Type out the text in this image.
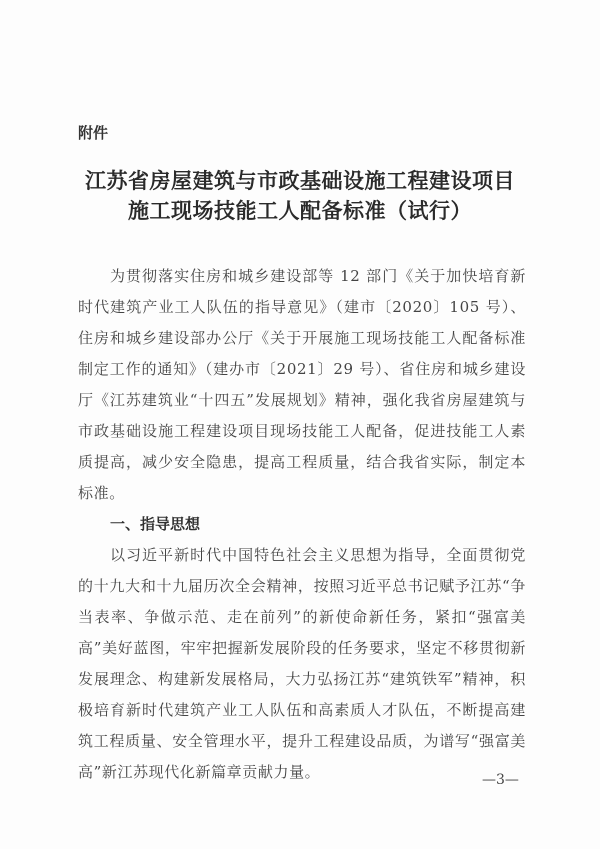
附件
江苏省房屋建筑与市政基础设施工程建设项目
施工现场技能工人配备标准（试行）

为贯彻落实住房和城乡建设部等 12 部门《关于加快培育新时代建筑产业工人队伍的指导意见》（建市〔2020〕105 号）、住房和城乡建设部办公厅《关于开展施工现场技能工人配备标准制定工作的通知》（建办市〔2021〕29 号）、省住房和城乡建设厅《江苏建筑业“十四五”发展规划》精神，强化我省房屋建筑与市政基础设施工程建设项目现场技能工人配备，促进技能工人素质提高，减少安全隐患，提高工程质量，结合我省实际，制定本标准。

一、指导思想

以习近平新时代中国特色社会主义思想为指导，全面贯彻党的十九大和十九届历次全会精神，按照习近平总书记赋予江苏“争当表率、争做示范、走在前列”的新使命新任务，紧扣“强富美高”美好蓝图，牢牢把握新发展阶段的任务要求，坚定不移贯彻新发展理念、构建新发展格局，大力弘扬江苏“建筑铁军”精神，积极培育新时代建筑产业工人队伍和高素质人才队伍，不断提高建筑工程质量、安全管理水平，提升工程建设品质，为谱写“强富美高”新江苏现代化新篇章贡献力量。	—3—
